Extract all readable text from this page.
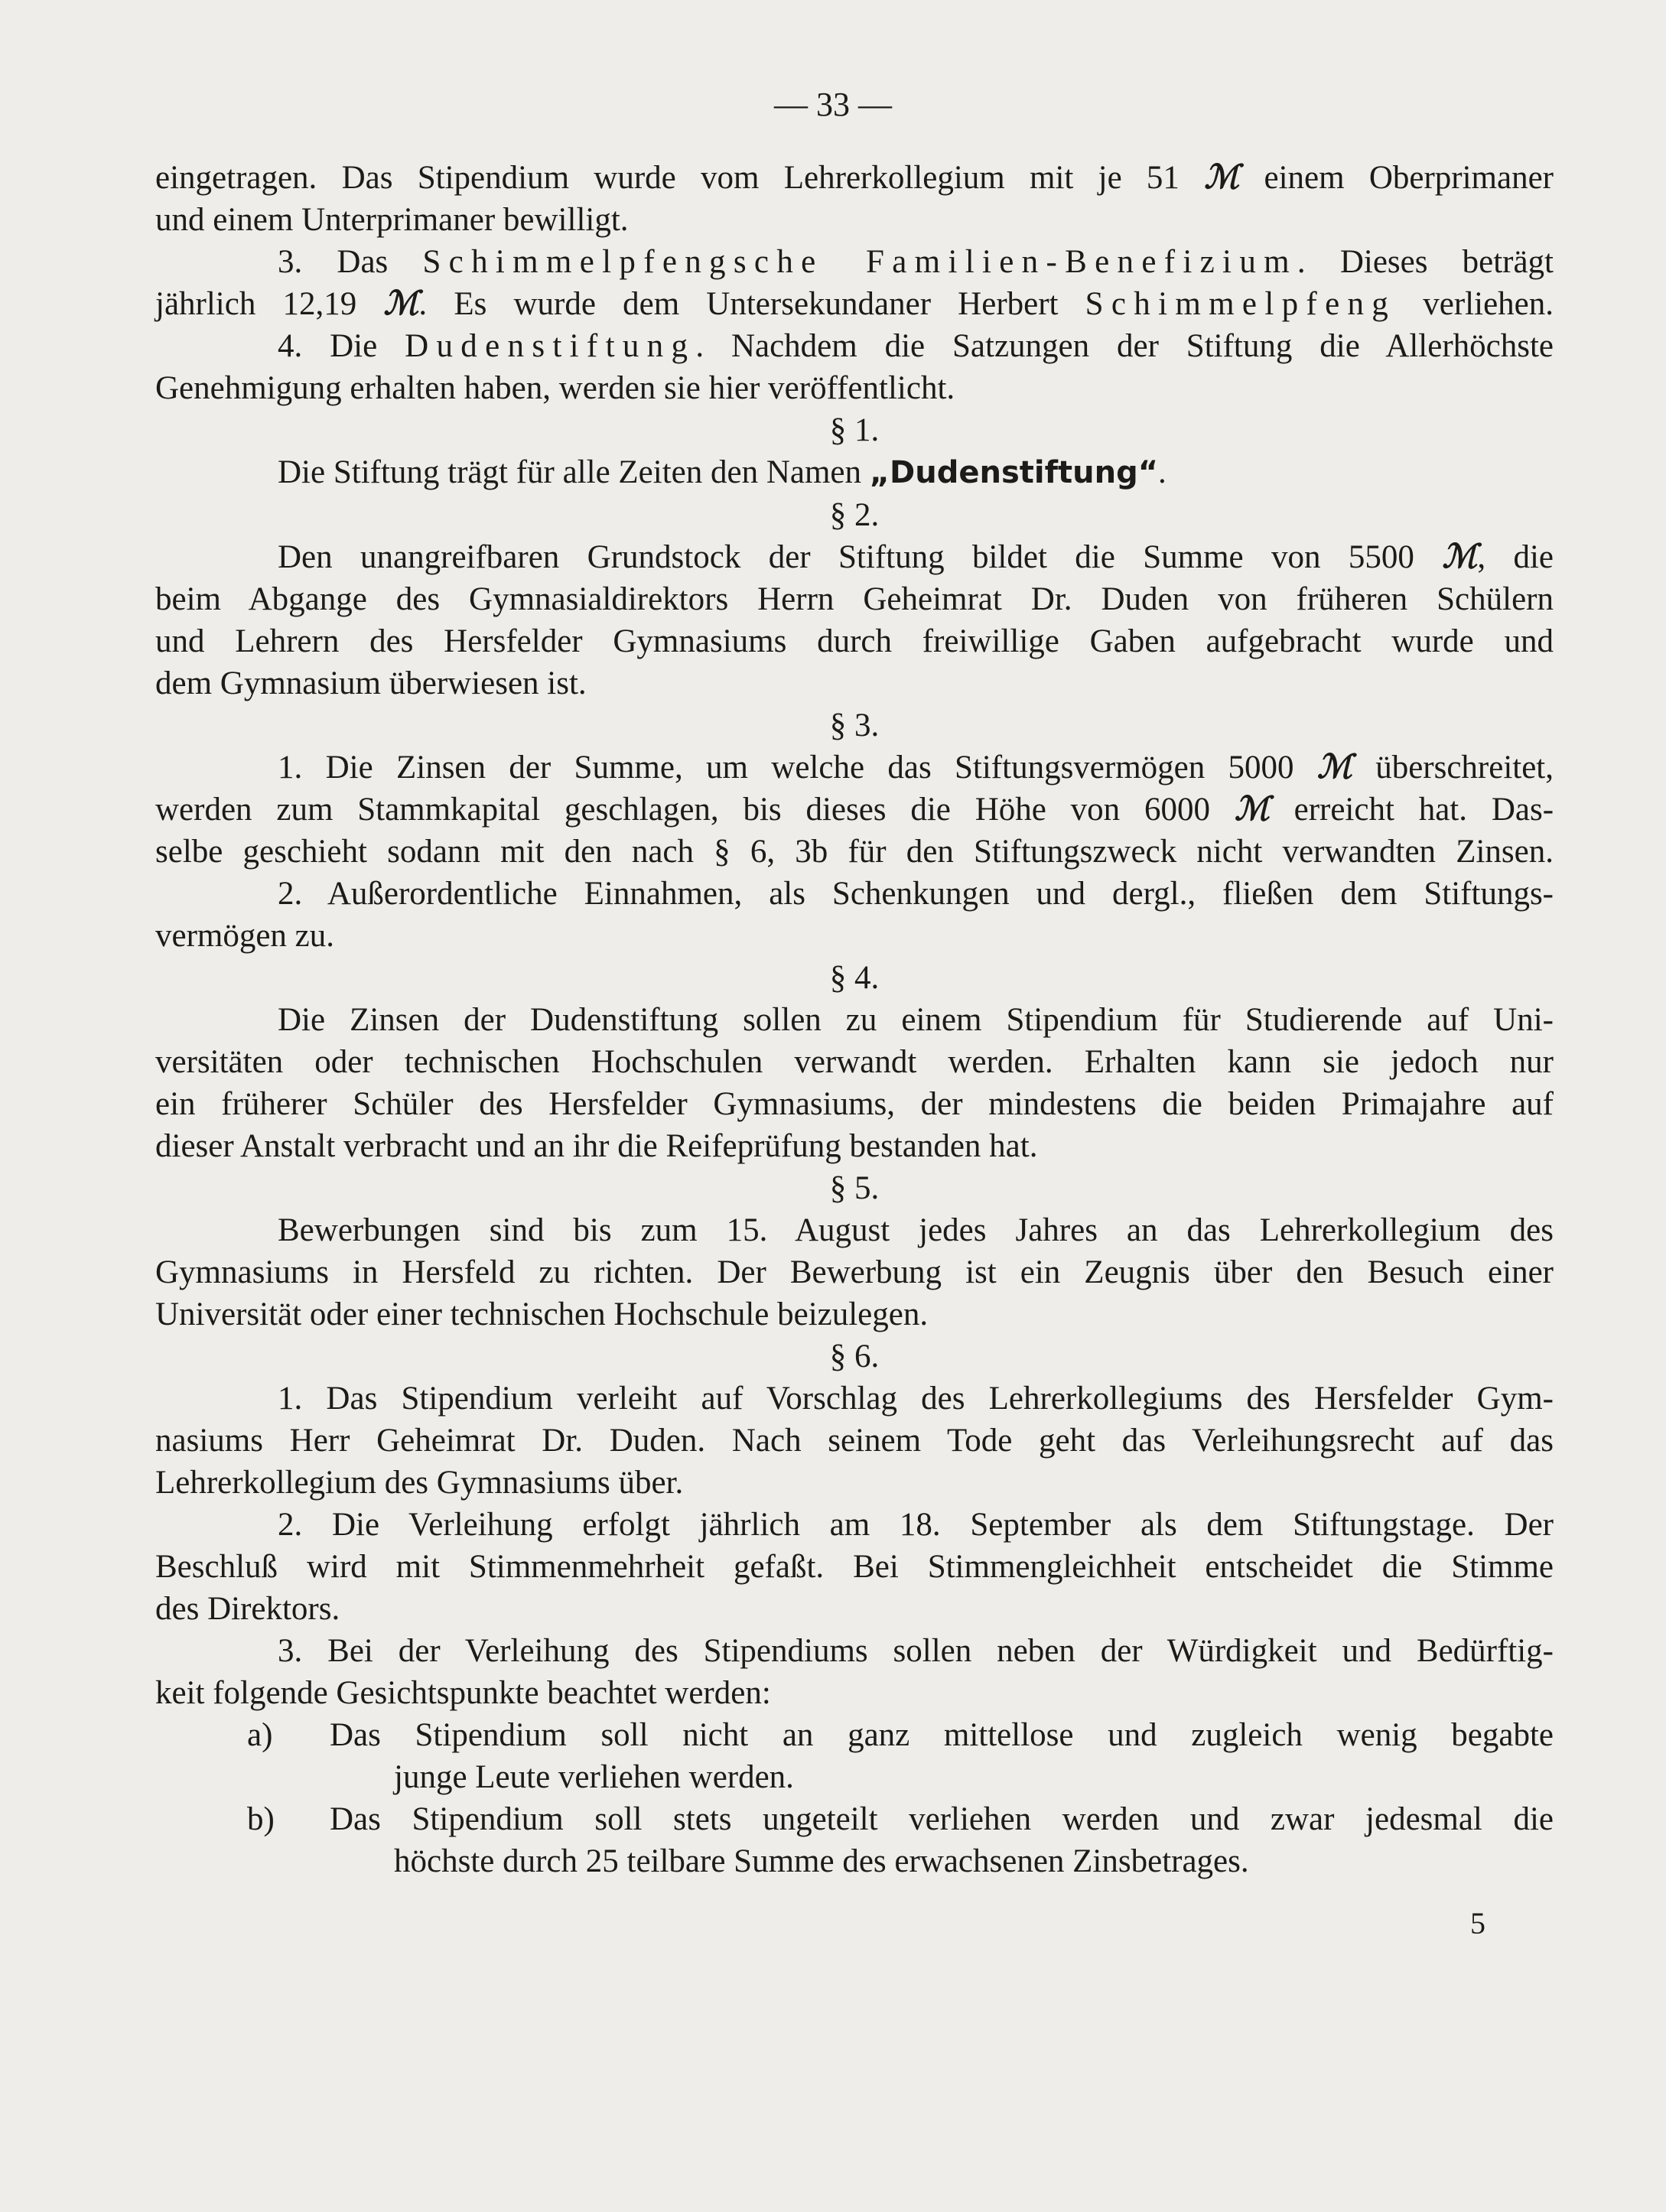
— 33 —
eingetragen. Das Stipendium wurde vom Lehrerkollegium mit je 51 ℳ einem Oberprimaner
und einem Unterprimaner bewilligt.
3. Das Schimmelpfengsche Familien-Benefizium. Dieses beträgt
jährlich 12,19 ℳ. Es wurde dem Untersekundaner Herbert Schimmelpfeng verliehen.
4. Die Dudenstiftung. Nachdem die Satzungen der Stiftung die Allerhöchste
Genehmigung erhalten haben, werden sie hier veröffentlicht.
§ 1.
Die Stiftung trägt für alle Zeiten den Namen „Dudenstiftung“.
§ 2.
Den unangreifbaren Grundstock der Stiftung bildet die Summe von 5500 ℳ, die
beim Abgange des Gymnasialdirektors Herrn Geheimrat Dr. Duden von früheren Schülern
und Lehrern des Hersfelder Gymnasiums durch freiwillige Gaben aufgebracht wurde und
dem Gymnasium überwiesen ist.
§ 3.
1. Die Zinsen der Summe, um welche das Stiftungsvermögen 5000 ℳ überschreitet,
werden zum Stammkapital geschlagen, bis dieses die Höhe von 6000 ℳ erreicht hat. Das-
selbe geschieht sodann mit den nach § 6, 3b für den Stiftungszweck nicht verwandten Zinsen.
2. Außerordentliche Einnahmen, als Schenkungen und dergl., fließen dem Stiftungs-
vermögen zu.
§ 4.
Die Zinsen der Dudenstiftung sollen zu einem Stipendium für Studierende auf Uni-
versitäten oder technischen Hochschulen verwandt werden. Erhalten kann sie jedoch nur
ein früherer Schüler des Hersfelder Gymnasiums, der mindestens die beiden Primajahre auf
dieser Anstalt verbracht und an ihr die Reifeprüfung bestanden hat.
§ 5.
Bewerbungen sind bis zum 15. August jedes Jahres an das Lehrerkollegium des
Gymnasiums in Hersfeld zu richten. Der Bewerbung ist ein Zeugnis über den Besuch einer
Universität oder einer technischen Hochschule beizulegen.
§ 6.
1. Das Stipendium verleiht auf Vorschlag des Lehrerkollegiums des Hersfelder Gym-
nasiums Herr Geheimrat Dr. Duden. Nach seinem Tode geht das Verleihungsrecht auf das
Lehrerkollegium des Gymnasiums über.
2. Die Verleihung erfolgt jährlich am 18. September als dem Stiftungstage. Der
Beschluß wird mit Stimmenmehrheit gefaßt. Bei Stimmengleichheit entscheidet die Stimme
des Direktors.
3. Bei der Verleihung des Stipendiums sollen neben der Würdigkeit und Bedürftig-
keit folgende Gesichtspunkte beachtet werden:
a) Das Stipendium soll nicht an ganz mittellose und zugleich wenig begabte
junge Leute verliehen werden.
b) Das Stipendium soll stets ungeteilt verliehen werden und zwar jedesmal die
höchste durch 25 teilbare Summe des erwachsenen Zinsbetrages.
5
